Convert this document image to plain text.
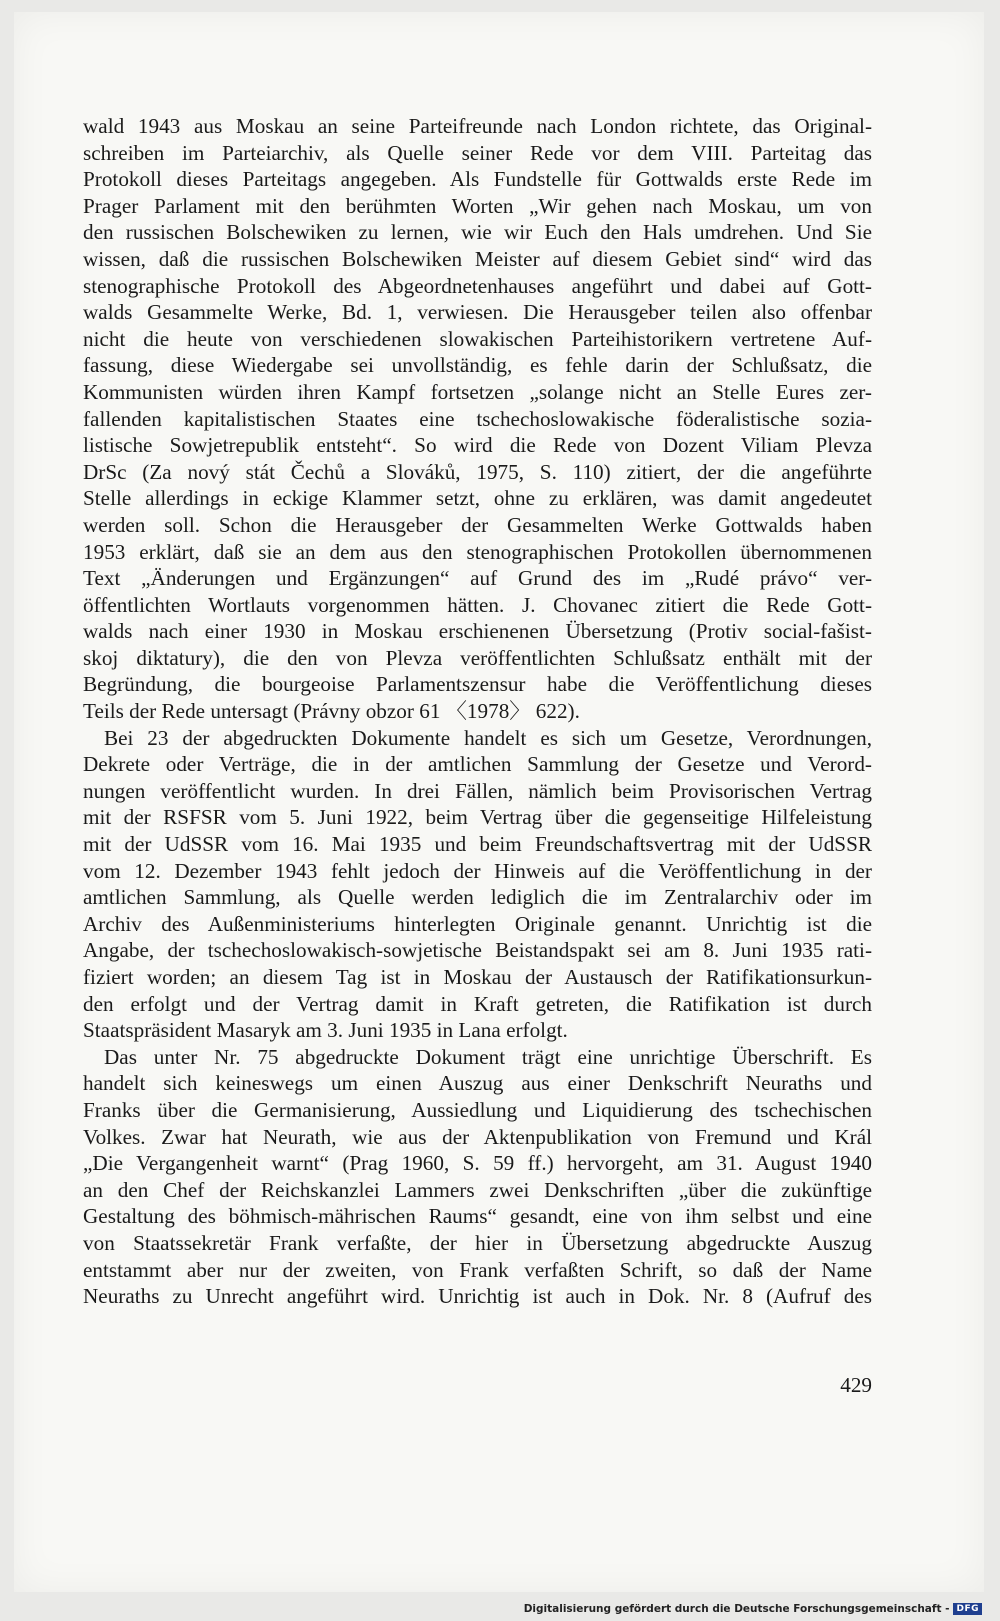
wald 1943 aus Moskau an seine Parteifreunde nach London richtete, das Original-
schreiben im Parteiarchiv, als Quelle seiner Rede vor dem VIII. Parteitag das
Protokoll dieses Parteitags angegeben. Als Fundstelle für Gottwalds erste Rede im
Prager Parlament mit den berühmten Worten „Wir gehen nach Moskau, um von
den russischen Bolschewiken zu lernen, wie wir Euch den Hals umdrehen. Und Sie
wissen, daß die russischen Bolschewiken Meister auf diesem Gebiet sind“ wird das
stenographische Protokoll des Abgeordnetenhauses angeführt und dabei auf Gott-
walds Gesammelte Werke, Bd. 1, verwiesen. Die Herausgeber teilen also offenbar
nicht die heute von verschiedenen slowakischen Parteihistorikern vertretene Auf-
fassung, diese Wiedergabe sei unvollständig, es fehle darin der Schlußsatz, die
Kommunisten würden ihren Kampf fortsetzen „solange nicht an Stelle Eures zer-
fallenden kapitalistischen Staates eine tschechoslowakische föderalistische sozia-
listische Sowjetrepublik entsteht“. So wird die Rede von Dozent Viliam Plevza
DrSc (Za nový stát Čechů a Slováků, 1975, S. 110) zitiert, der die angeführte
Stelle allerdings in eckige Klammer setzt, ohne zu erklären, was damit angedeutet
werden soll. Schon die Herausgeber der Gesammelten Werke Gottwalds haben
1953 erklärt, daß sie an dem aus den stenographischen Protokollen übernommenen
Text „Änderungen und Ergänzungen“ auf Grund des im „Rudé právo“ ver-
öffentlichten Wortlauts vorgenommen hätten. J. Chovanec zitiert die Rede Gott-
walds nach einer 1930 in Moskau erschienenen Übersetzung (Protiv social-fašist-
skoj diktatury), die den von Plevza veröffentlichten Schlußsatz enthält mit der
Begründung, die bourgeoise Parlamentszensur habe die Veröffentlichung dieses
Teils der Rede untersagt (Právny obzor 61 〈1978〉 622).
Bei 23 der abgedruckten Dokumente handelt es sich um Gesetze, Verordnungen,
Dekrete oder Verträge, die in der amtlichen Sammlung der Gesetze und Verord-
nungen veröffentlicht wurden. In drei Fällen, nämlich beim Provisorischen Vertrag
mit der RSFSR vom 5. Juni 1922, beim Vertrag über die gegenseitige Hilfeleistung
mit der UdSSR vom 16. Mai 1935 und beim Freundschaftsvertrag mit der UdSSR
vom 12. Dezember 1943 fehlt jedoch der Hinweis auf die Veröffentlichung in der
amtlichen Sammlung, als Quelle werden lediglich die im Zentralarchiv oder im
Archiv des Außenministeriums hinterlegten Originale genannt. Unrichtig ist die
Angabe, der tschechoslowakisch-sowjetische Beistandspakt sei am 8. Juni 1935 rati-
fiziert worden; an diesem Tag ist in Moskau der Austausch der Ratifikationsurkun-
den erfolgt und der Vertrag damit in Kraft getreten, die Ratifikation ist durch
Staatspräsident Masaryk am 3. Juni 1935 in Lana erfolgt.
Das unter Nr. 75 abgedruckte Dokument trägt eine unrichtige Überschrift. Es
handelt sich keineswegs um einen Auszug aus einer Denkschrift Neuraths und
Franks über die Germanisierung, Aussiedlung und Liquidierung des tschechischen
Volkes. Zwar hat Neurath, wie aus der Aktenpublikation von Fremund und Král
„Die Vergangenheit warnt“ (Prag 1960, S. 59 ff.) hervorgeht, am 31. August 1940
an den Chef der Reichskanzlei Lammers zwei Denkschriften „über die zukünftige
Gestaltung des böhmisch-mährischen Raums“ gesandt, eine von ihm selbst und eine
von Staatssekretär Frank verfaßte, der hier in Übersetzung abgedruckte Auszug
entstammt aber nur der zweiten, von Frank verfaßten Schrift, so daß der Name
Neuraths zu Unrecht angeführt wird. Unrichtig ist auch in Dok. Nr. 8 (Aufruf des
429
Digitalisierung gefördert durch die Deutsche Forschungsgemeinschaft - DFG
